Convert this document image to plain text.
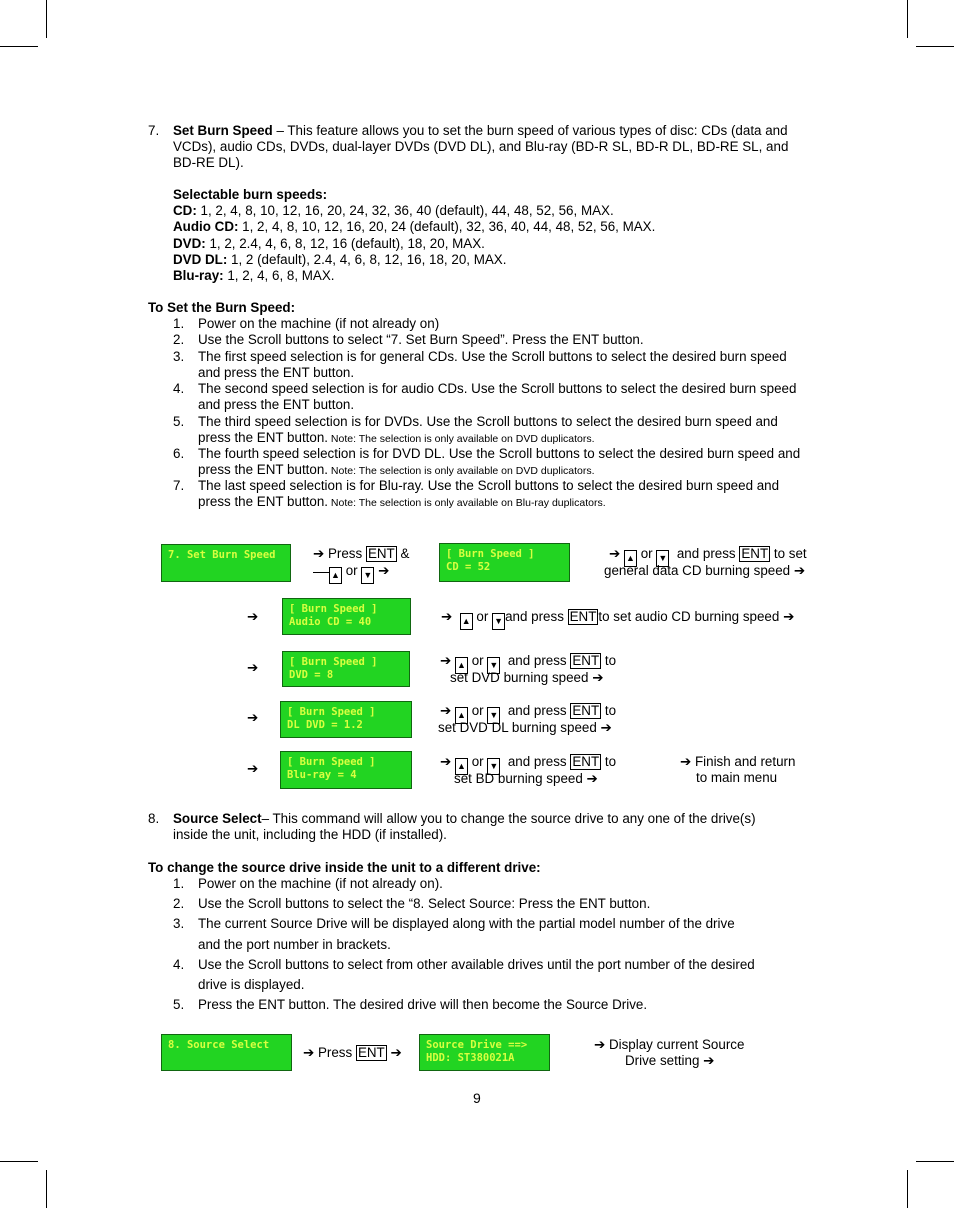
7. Set Burn Speed – This feature allows you to set the burn speed of various types of disc: CDs (data and
VCDs), audio CDs, DVDs, dual-layer DVDs (DVD DL), and Blu-ray (BD-R SL, BD-R DL, BD-RE SL, and
BD-RE DL).
Selectable burn speeds:
CD: 1, 2, 4, 8, 10, 12, 16, 20, 24, 32, 36, 40 (default), 44, 48, 52, 56, MAX.
Audio CD: 1, 2, 4, 8, 10, 12, 16, 20, 24 (default), 32, 36, 40, 44, 48, 52, 56, MAX.
DVD: 1, 2, 2.4, 4, 6, 8, 12, 16 (default), 18, 20, MAX.
DVD DL: 1, 2 (default), 2.4, 4, 6, 8, 12, 16, 18, 20, MAX.
Blu-ray: 1, 2, 4, 6, 8, MAX.
To Set the Burn Speed:
1. Power on the machine (if not already on)
2. Use the Scroll buttons to select “7. Set Burn Speed”. Press the ENT button.
3. The first speed selection is for general CDs. Use the Scroll buttons to select the desired burn speed
and press the ENT button.
4. The second speed selection is for audio CDs. Use the Scroll buttons to select the desired burn speed
and press the ENT button.
5. The third speed selection is for DVDs. Use the Scroll buttons to select the desired burn speed and
press the ENT button. Note: The selection is only available on DVD duplicators.
6. The fourth speed selection is for DVD DL. Use the Scroll buttons to select the desired burn speed and
press the ENT button. Note: The selection is only available on DVD duplicators.
7. The last speed selection is for Blu-ray. Use the Scroll buttons to select the desired burn speed and
press the ENT button. Note: The selection is only available on Blu-ray duplicators.
7. Set Burn Speed	➔ Press ENT &
▲ or ▼ ➔
[ Burn Speed ]
CD = 52
➔ ▲ or ▼ and press ENT to set
general data CD burning speed ➔
➔	[ Burn Speed ]
Audio CD = 40	➔ ▲ or ▼ and press ENT to set audio CD burning speed ➔
➔	[ Burn Speed ]
DVD = 8
➔ ▲ or ▼ and press ENT to
set DVD burning speed ➔
➔	[ Burn Speed ]
DL DVD = 1.2
➔ ▲ or ▼ and press ENT to
set DVD DL burning speed ➔
➔	[ Burn Speed ]
Blu-ray = 4
➔ ▲ or ▼ and press ENT to
set BD burning speed ➔
➔ Finish and return
to main menu
8. Source Select– This command will allow you to change the source drive to any one of the drive(s)
inside the unit, including the HDD (if installed).
To change the source drive inside the unit to a different drive:
1. Power on the machine (if not already on).
2. Use the Scroll buttons to select the “8. Select Source: Press the ENT button.
3. The current Source Drive will be displayed along with the partial model number of the drive
and the port number in brackets.
4. Use the Scroll buttons to select from other available drives until the port number of the desired
drive is displayed.
5. Press the ENT button. The desired drive will then become the Source Drive.
8. Source Select	➔ Press ENT ➔ Source Drive ==>
HDD: ST380021A
➔ Display current Source
Drive setting ➔
9
